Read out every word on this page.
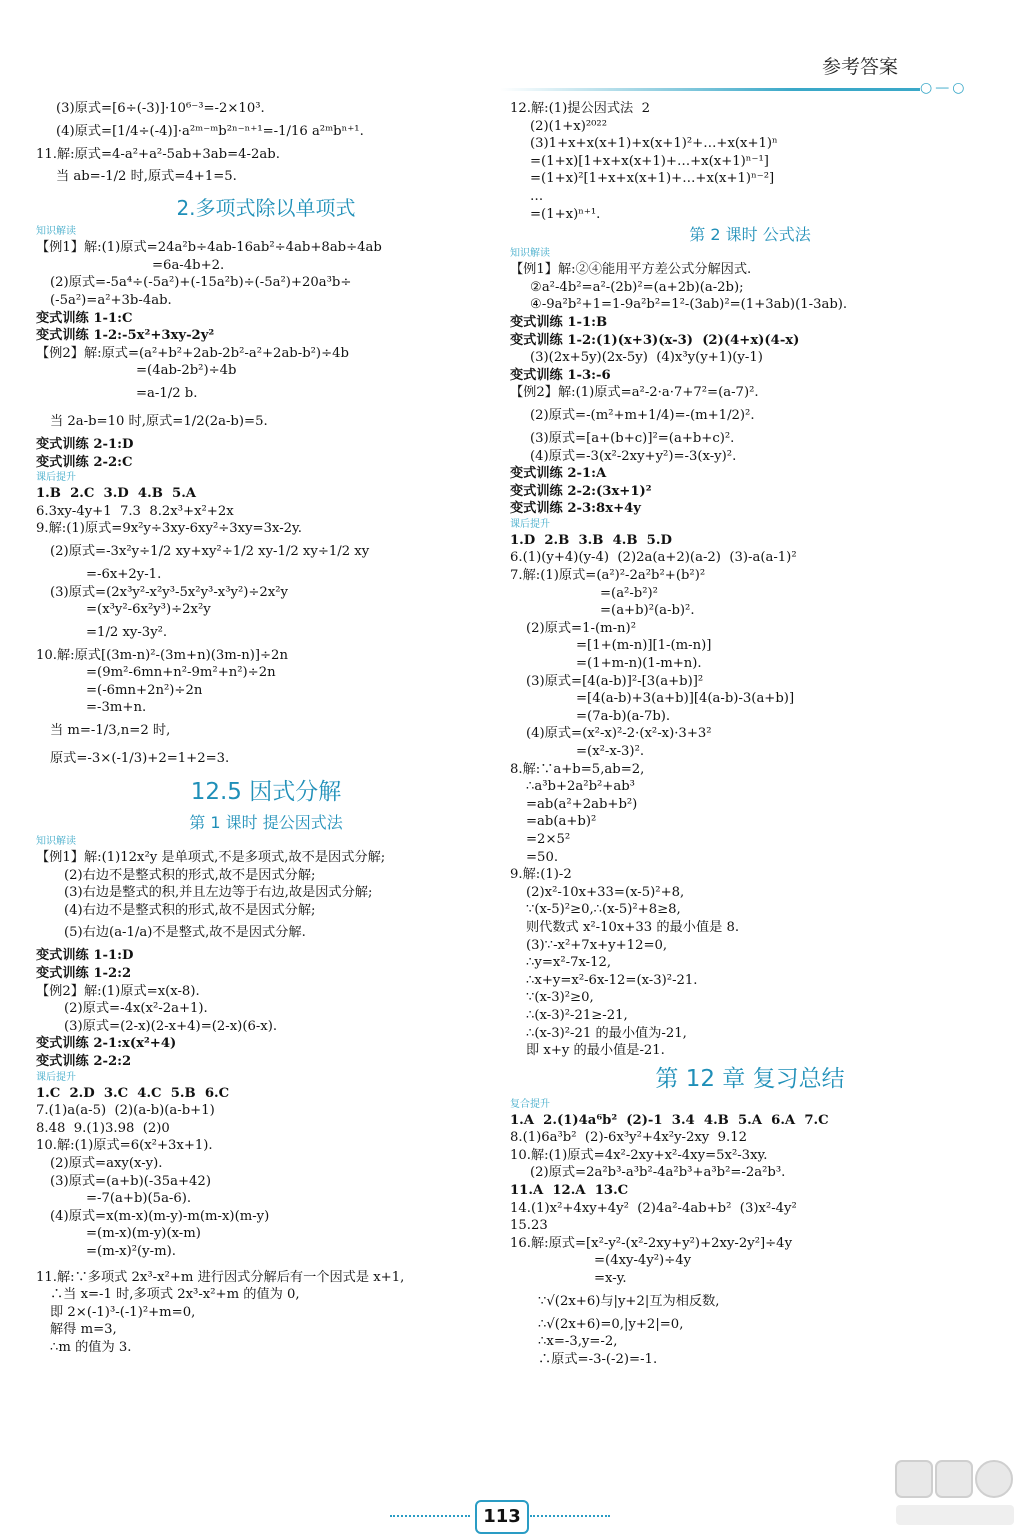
参考答案
○—○
(3)原式=[6÷(-3)]·10⁶⁻³=-2×10³.
(4)原式=[1/4÷(-4)]·a²ᵐ⁻ᵐb²ⁿ⁻ⁿ⁺¹=-1/16 a²ᵐbⁿ⁺¹.
11.解:原式=4-a²+a²-5ab+3ab=4-2ab.
当 ab=-1/2 时,原式=4+1=5.
2.多项式除以单项式
知识解读
【例1】解:(1)原式=24a²b÷4ab-16ab²÷4ab+8ab÷4ab
=6a-4b+2.
(2)原式=-5a⁴÷(-5a²)+(-15a²b)÷(-5a²)+20a³b÷
(-5a²)=a²+3b-4ab.
变式训练 1-1:C
变式训练 1-2:-5x²+3xy-2y²
【例2】解:原式=(a²+b²+2ab-2b²-a²+2ab-b²)÷4b
=(4ab-2b²)÷4b
=a-1/2 b.
当 2a-b=10 时,原式=1/2(2a-b)=5.
变式训练 2-1:D
变式训练 2-2:C
课后提升
1.B  2.C  3.D  4.B  5.A
6.3xy-4y+1  7.3  8.2x³+x²+2x
9.解:(1)原式=9x²y÷3xy-6xy²÷3xy=3x-2y.
(2)原式=-3x²y÷1/2 xy+xy²÷1/2 xy-1/2 xy÷1/2 xy
=-6x+2y-1.
(3)原式=(2x³y²-x²y³-5x²y³-x³y²)÷2x²y
=(x³y²-6x²y³)÷2x²y
=1/2 xy-3y².
10.解:原式[(3m-n)²-(3m+n)(3m-n)]÷2n
=(9m²-6mn+n²-9m²+n²)÷2n
=(-6mn+2n²)÷2n
=-3m+n.
当 m=-1/3,n=2 时,
原式=-3×(-1/3)+2=1+2=3.
12.5 因式分解
第 1 课时 提公因式法
知识解读
【例1】解:(1)12x²y 是单项式,不是多项式,故不是因式分解;
(2)右边不是整式积的形式,故不是因式分解;
(3)右边是整式的积,并且左边等于右边,故是因式分解;
(4)右边不是整式积的形式,故不是因式分解;
(5)右边(a-1/a)不是整式,故不是因式分解.
变式训练 1-1:D
变式训练 1-2:2
【例2】解:(1)原式=x(x-8).
(2)原式=-4x(x²-2a+1).
(3)原式=(2-x)(2-x+4)=(2-x)(6-x).
变式训练 2-1:x(x²+4)
变式训练 2-2:2
课后提升
1.C  2.D  3.C  4.C  5.B  6.C
7.(1)a(a-5)  (2)(a-b)(a-b+1)
8.48  9.(1)3.98  (2)0
10.解:(1)原式=6(x²+3x+1).
(2)原式=axy(x-y).
(3)原式=(a+b)(-35a+42)
=-7(a+b)(5a-6).
(4)原式=x(m-x)(m-y)-m(m-x)(m-y)
=(m-x)(m-y)(x-m)
=(m-x)²(y-m).
11.解:∵多项式 2x³-x²+m 进行因式分解后有一个因式是 x+1,
∴当 x=-1 时,多项式 2x³-x²+m 的值为 0,
即 2×(-1)³-(-1)²+m=0,
解得 m=3,
∴m 的值为 3.
12.解:(1)提公因式法  2
(2)(1+x)²⁰²²
(3)1+x+x(x+1)+x(x+1)²+…+x(x+1)ⁿ
=(1+x)[1+x+x(x+1)+…+x(x+1)ⁿ⁻¹]
=(1+x)²[1+x+x(x+1)+…+x(x+1)ⁿ⁻²]
…
=(1+x)ⁿ⁺¹.
第 2 课时 公式法
知识解读
【例1】解:②④能用平方差公式分解因式.
②a²-4b²=a²-(2b)²=(a+2b)(a-2b);
④-9a²b²+1=1-9a²b²=1²-(3ab)²=(1+3ab)(1-3ab).
变式训练 1-1:B
变式训练 1-2:(1)(x+3)(x-3)  (2)(4+x)(4-x)
(3)(2x+5y)(2x-5y)  (4)x³y(y+1)(y-1)
变式训练 1-3:-6
【例2】解:(1)原式=a²-2·a·7+7²=(a-7)².
(2)原式=-(m²+m+1/4)=-(m+1/2)².
(3)原式=[a+(b+c)]²=(a+b+c)².
(4)原式=-3(x²-2xy+y²)=-3(x-y)².
变式训练 2-1:A
变式训练 2-2:(3x+1)²
变式训练 2-3:8x+4y
课后提升
1.D  2.B  3.B  4.B  5.D
6.(1)(y+4)(y-4)  (2)2a(a+2)(a-2)  (3)-a(a-1)²
7.解:(1)原式=(a²)²-2a²b²+(b²)²
=(a²-b²)²
=(a+b)²(a-b)².
(2)原式=1-(m-n)²
=[1+(m-n)][1-(m-n)]
=(1+m-n)(1-m+n).
(3)原式=[4(a-b)]²-[3(a+b)]²
=[4(a-b)+3(a+b)][4(a-b)-3(a+b)]
=(7a-b)(a-7b).
(4)原式=(x²-x)²-2·(x²-x)·3+3²
=(x²-x-3)².
8.解:∵a+b=5,ab=2,
∴a³b+2a²b²+ab³
=ab(a²+2ab+b²)
=ab(a+b)²
=2×5²
=50.
9.解:(1)-2
(2)x²-10x+33=(x-5)²+8,
∵(x-5)²≥0,∴(x-5)²+8≥8,
则代数式 x²-10x+33 的最小值是 8.
(3)∵-x²+7x+y+12=0,
∴y=x²-7x-12,
∴x+y=x²-6x-12=(x-3)²-21.
∵(x-3)²≥0,
∴(x-3)²-21≥-21,
∴(x-3)²-21 的最小值为-21,
即 x+y 的最小值是-21.
第 12 章 复习总结
复合提升
1.A  2.(1)4a⁶b²  (2)-1  3.4  4.B  5.A  6.A  7.C
8.(1)6a³b²  (2)-6x³y²+4x²y-2xy  9.12
10.解:(1)原式=4x²-2xy+x²-4xy=5x²-3xy.
(2)原式=2a²b³-a³b²-4a²b³+a³b²=-2a²b³.
11.A  12.A  13.C
14.(1)x²+4xy+4y²  (2)4a²-4ab+b²  (3)x²-4y²
15.23
16.解:原式=[x²-y²-(x²-2xy+y²)+2xy-2y²]÷4y
=(4xy-4y²)÷4y
=x-y.
∵√(2x+6)与|y+2|互为相反数,
∴√(2x+6)=0,|y+2|=0,
∴x=-3,y=-2,
∴原式=-3-(-2)=-1.
113
